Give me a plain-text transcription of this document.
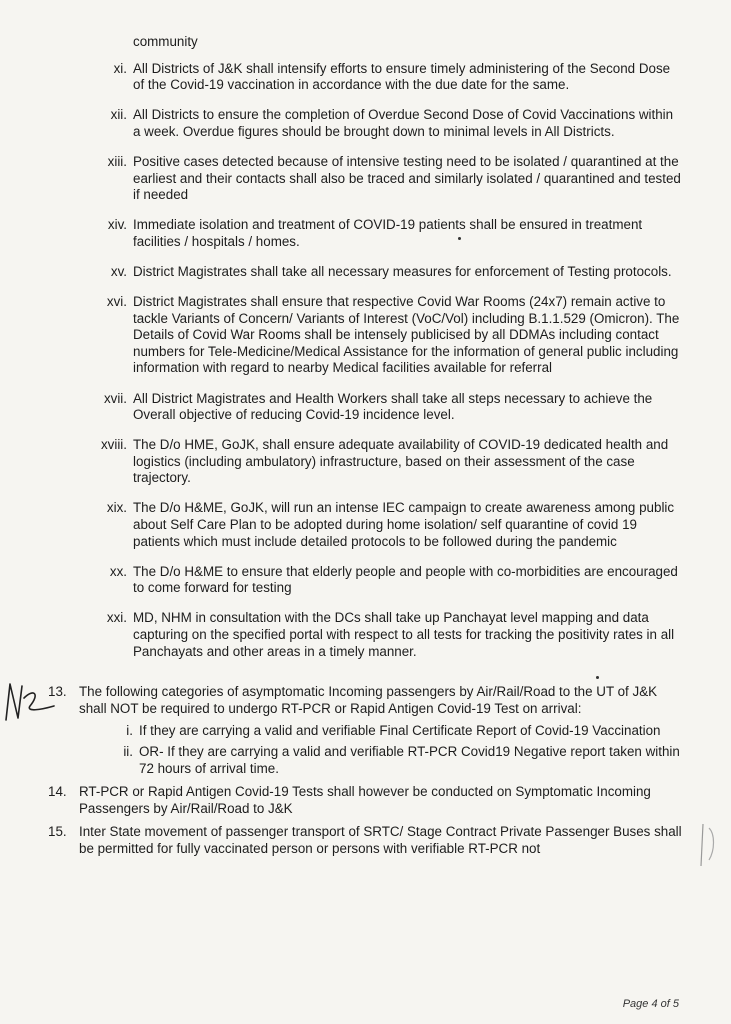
community
xi. All Districts of J&K shall intensify efforts to ensure timely administering of the Second Dose of the Covid-19 vaccination in accordance with the due date for the same.
xii. All Districts to ensure the completion of Overdue Second Dose of Covid Vaccinations within a week. Overdue figures should be brought down to minimal levels in All Districts.
xiii. Positive cases detected because of intensive testing need to be isolated / quarantined at the earliest and their contacts shall also be traced and similarly isolated / quarantined and tested if needed
xiv. Immediate isolation and treatment of COVID-19 patients shall be ensured in treatment facilities / hospitals / homes.
xv. District Magistrates shall take all necessary measures for enforcement of Testing protocols.
xvi. District Magistrates shall ensure that respective Covid War Rooms (24x7) remain active to tackle Variants of Concern/ Variants of Interest (VoC/Vol) including B.1.1.529 (Omicron). The Details of Covid War Rooms shall be intensely publicised by all DDMAs including contact numbers for Tele-Medicine/Medical Assistance for the information of general public including information with regard to nearby Medical facilities available for referral
xvii. All District Magistrates and Health Workers shall take all steps necessary to achieve the Overall objective of reducing Covid-19 incidence level.
xviii. The D/o HME, GoJK, shall ensure adequate availability of COVID-19 dedicated health and logistics (including ambulatory) infrastructure, based on their assessment of the case trajectory.
xix. The D/o H&ME, GoJK, will run an intense IEC campaign to create awareness among public about Self Care Plan to be adopted during home isolation/ self quarantine of covid 19 patients which must include detailed protocols to be followed during the pandemic
xx. The D/o H&ME to ensure that elderly people and people with co-morbidities are encouraged to come forward for testing
xxi. MD, NHM in consultation with the DCs shall take up Panchayat level mapping and data capturing on the specified portal with respect to all tests for tracking the positivity rates in all Panchayats and other areas in a timely manner.
13. The following categories of asymptomatic Incoming passengers by Air/Rail/Road to the UT of J&K shall NOT be required to undergo RT-PCR or Rapid Antigen Covid-19 Test on arrival:
i. If they are carrying a valid and verifiable Final Certificate Report of Covid-19 Vaccination
ii. OR- If they are carrying a valid and verifiable RT-PCR Covid19 Negative report taken within 72 hours of arrival time.
14. RT-PCR or Rapid Antigen Covid-19 Tests shall however be conducted on Symptomatic Incoming Passengers by Air/Rail/Road to J&K
15. Inter State movement of passenger transport of SRTC/ Stage Contract Private Passenger Buses shall be permitted for fully vaccinated person or persons with verifiable RT-PCR not
Page 4 of 5
